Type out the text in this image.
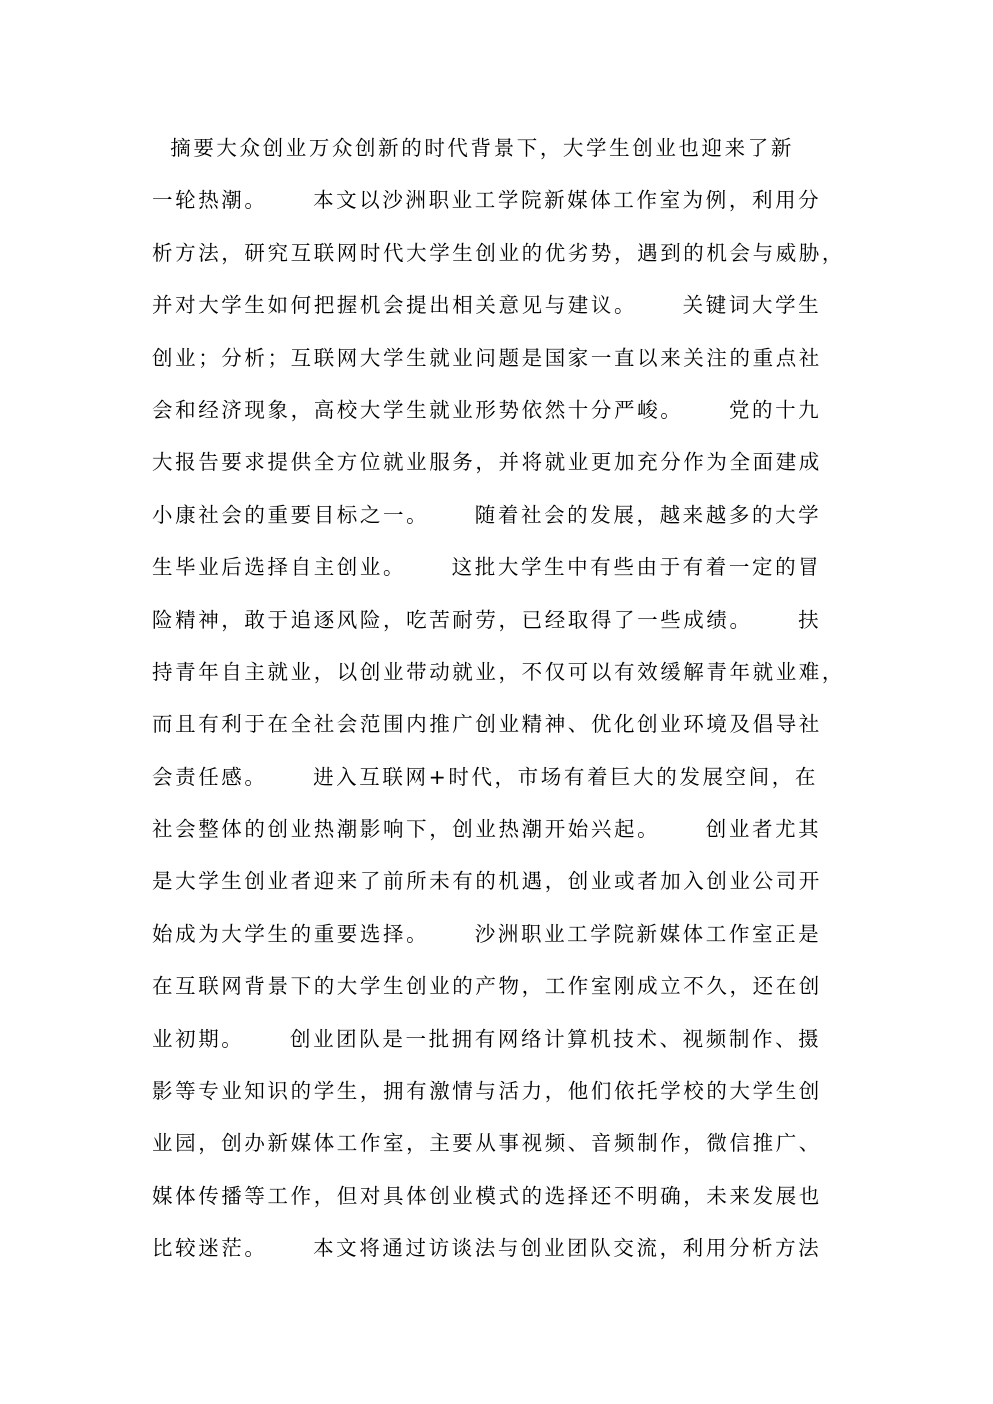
摘要大众创业万众创新的时代背景下，大学生创业也迎来了新
一轮热潮。     本文以沙洲职业工学院新媒体工作室为例，利用分
析方法，研究互联网时代大学生创业的优劣势，遇到的机会与威胁，
并对大学生如何把握机会提出相关意见与建议。     关键词大学生
创业；分析；互联网大学生就业问题是国家一直以来关注的重点社
会和经济现象，高校大学生就业形势依然十分严峻。     党的十九
大报告要求提供全方位就业服务，并将就业更加充分作为全面建成
小康社会的重要目标之一。     随着社会的发展，越来越多的大学
生毕业后选择自主创业。     这批大学生中有些由于有着一定的冒
险精神，敢于追逐风险，吃苦耐劳，已经取得了一些成绩。     扶
持青年自主就业，以创业带动就业，不仅可以有效缓解青年就业难，
而且有利于在全社会范围内推广创业精神、优化创业环境及倡导社
会责任感。     进入互联网+时代，市场有着巨大的发展空间，在
社会整体的创业热潮影响下，创业热潮开始兴起。     创业者尤其
是大学生创业者迎来了前所未有的机遇，创业或者加入创业公司开
始成为大学生的重要选择。     沙洲职业工学院新媒体工作室正是
在互联网背景下的大学生创业的产物，工作室刚成立不久，还在创
业初期。     创业团队是一批拥有网络计算机技术、视频制作、摄
影等专业知识的学生，拥有激情与活力，他们依托学校的大学生创
业园，创办新媒体工作室，主要从事视频、音频制作，微信推广、
媒体传播等工作，但对具体创业模式的选择还不明确，未来发展也
比较迷茫。     本文将通过访谈法与创业团队交流，利用分析方法
